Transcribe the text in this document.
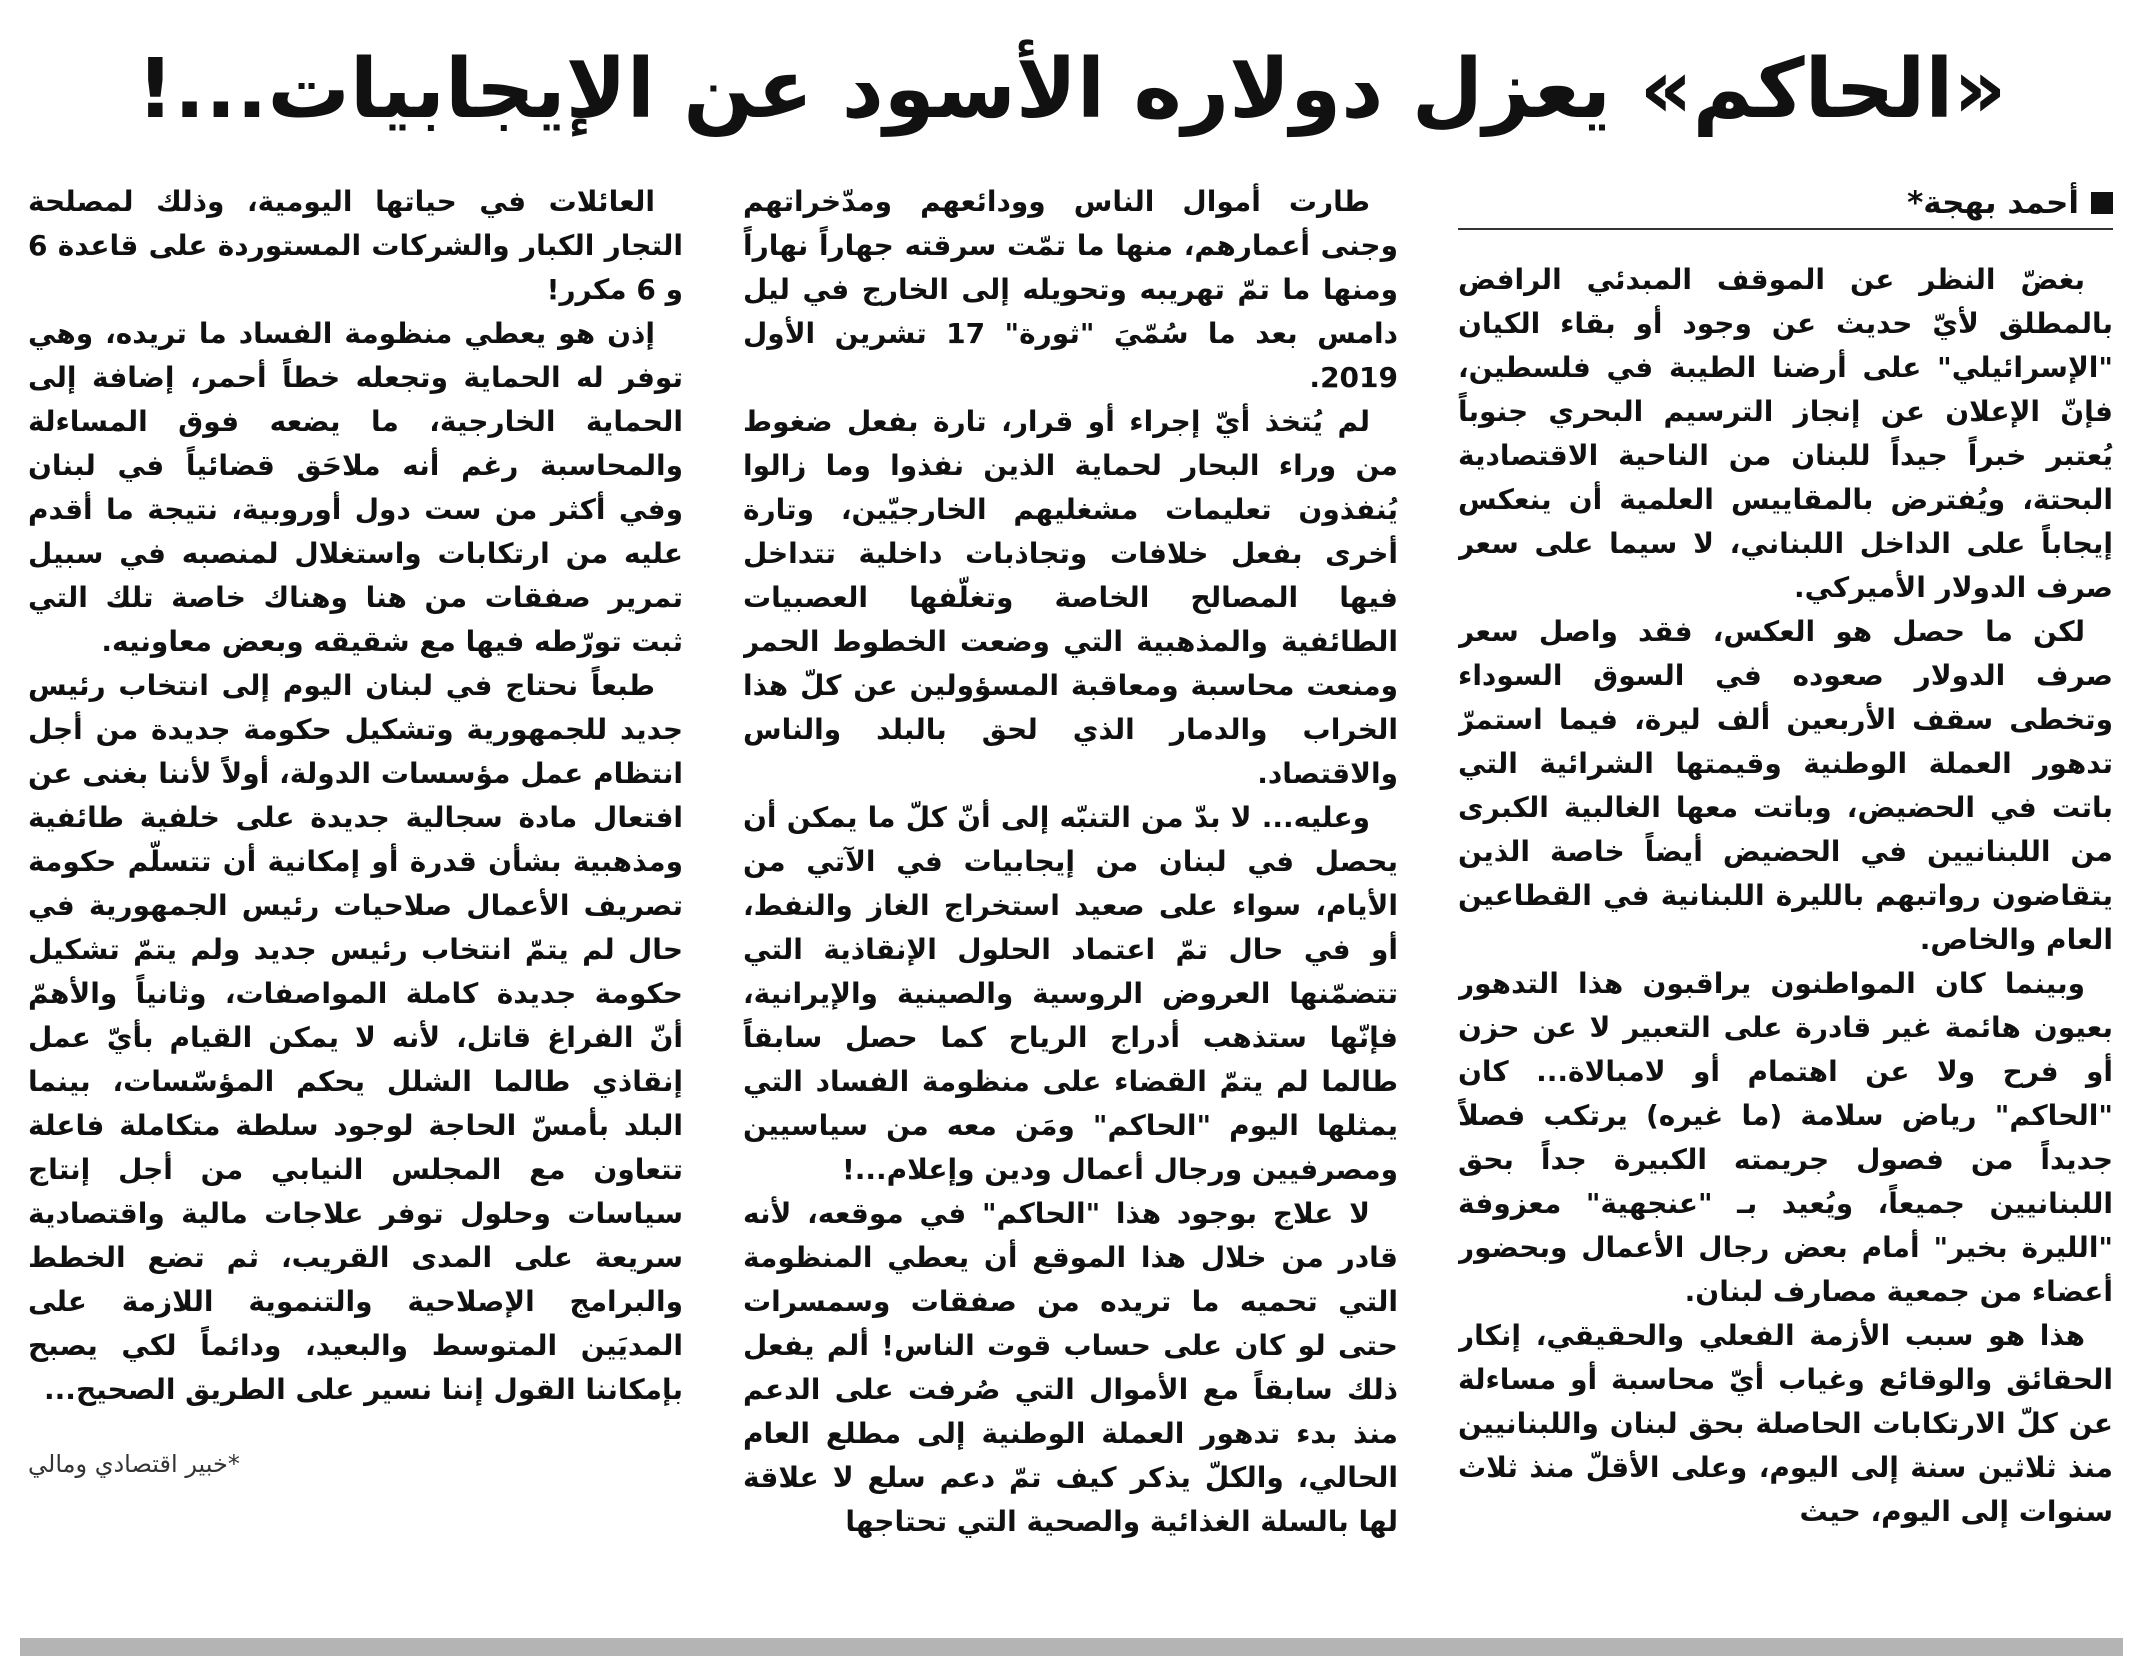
«الحاكم» يعزل دولاره الأسود عن الإيجابيات...!
أحمد بهجة*

بغضّ النظر عن الموقف المبدئي الرافض بالمطلق لأيّ حديث عن وجود أو بقاء الكيان "الإسرائيلي" على أرضنا الطيبة في فلسطين، فإنّ الإعلان عن إنجاز الترسيم البحري جنوباً يُعتبر خبراً جيداً للبنان من الناحية الاقتصادية البحتة، ويُفترض بالمقاييس العلمية أن ينعكس إيجاباً على الداخل اللبناني، لا سيما على سعر صرف الدولار الأميركي.

لكن ما حصل هو العكس، فقد واصل سعر صرف الدولار صعوده في السوق السوداء وتخطى سقف الأربعين ألف ليرة، فيما استمرّ تدهور العملة الوطنية وقيمتها الشرائية التي باتت في الحضيض، وباتت معها الغالبية الكبرى من اللبنانيين في الحضيض أيضاً خاصة الذين يتقاضون رواتبهم بالليرة اللبنانية في القطاعين العام والخاص.

وبينما كان المواطنون يراقبون هذا التدهور بعيون هائمة غير قادرة على التعبير لا عن حزن أو فرح ولا عن اهتمام أو لامبالاة... كان "الحاكم" رياض سلامة (ما غيره) يرتكب فصلاً جديداً من فصول جريمته الكبيرة جداً بحق اللبنانيين جميعاً، ويُعيد بـ "عنجهية" معزوفة "الليرة بخير" أمام بعض رجال الأعمال وبحضور أعضاء من جمعية مصارف لبنان.

هذا هو سبب الأزمة الفعلي والحقيقي، إنكار الحقائق والوقائع وغياب أيّ محاسبة أو مساءلة عن كلّ الارتكابات الحاصلة بحق لبنان واللبنانيين منذ ثلاثين سنة إلى اليوم، وعلى الأقلّ منذ ثلاث سنوات إلى اليوم، حيث

طارت أموال الناس وودائعهم ومدّخراتهم وجنى أعمارهم، منها ما تمّت سرقته جهاراً نهاراً ومنها ما تمّ تهريبه وتحويله إلى الخارج في ليل دامس بعد ما سُمّيَ "ثورة" 17 تشرين الأول 2019.

لم يُتخذ أيّ إجراء أو قرار، تارة بفعل ضغوط من وراء البحار لحماية الذين نفذوا وما زالوا يُنفذون تعليمات مشغليهم الخارجيّين، وتارة أخرى بفعل خلافات وتجاذبات داخلية تتداخل فيها المصالح الخاصة وتغلّفها العصبيات الطائفية والمذهبية التي وضعت الخطوط الحمر ومنعت محاسبة ومعاقبة المسؤولين عن كلّ هذا الخراب والدمار الذي لحق بالبلد والناس والاقتصاد.

وعليه... لا بدّ من التنبّه إلى أنّ كلّ ما يمكن أن يحصل في لبنان من إيجابيات في الآتي من الأيام، سواء على صعيد استخراج الغاز والنفط، أو في حال تمّ اعتماد الحلول الإنقاذية التي تتضمّنها العروض الروسية والصينية والإيرانية، فإنّها ستذهب أدراج الرياح كما حصل سابقاً طالما لم يتمّ القضاء على منظومة الفساد التي يمثلها اليوم "الحاكم" ومَن معه من سياسيين ومصرفيين ورجال أعمال ودين وإعلام...!

لا علاج بوجود هذا "الحاكم" في موقعه، لأنه قادر من خلال هذا الموقع أن يعطي المنظومة التي تحميه ما تريده من صفقات وسمسرات حتى لو كان على حساب قوت الناس! ألم يفعل ذلك سابقاً مع الأموال التي صُرفت على الدعم منذ بدء تدهور العملة الوطنية إلى مطلع العام الحالي، والكلّ يذكر كيف تمّ دعم سلع لا علاقة لها بالسلة الغذائية والصحية التي تحتاجها

العائلات في حياتها اليومية، وذلك لمصلحة التجار الكبار والشركات المستوردة على قاعدة 6 و 6 مكرر!

إذن هو يعطي منظومة الفساد ما تريده، وهي توفر له الحماية وتجعله خطاً أحمر، إضافة إلى الحماية الخارجية، ما يضعه فوق المساءلة والمحاسبة رغم أنه ملاحَق قضائياً في لبنان وفي أكثر من ست دول أوروبية، نتيجة ما أقدم عليه من ارتكابات واستغلال لمنصبه في سبيل تمرير صفقات من هنا وهناك خاصة تلك التي ثبت تورّطه فيها مع شقيقه وبعض معاونيه.

طبعاً نحتاج في لبنان اليوم إلى انتخاب رئيس جديد للجمهورية وتشكيل حكومة جديدة من أجل انتظام عمل مؤسسات الدولة، أولاً لأننا بغنى عن افتعال مادة سجالية جديدة على خلفية طائفية ومذهبية بشأن قدرة أو إمكانية أن تتسلّم حكومة تصريف الأعمال صلاحيات رئيس الجمهورية في حال لم يتمّ انتخاب رئيس جديد ولم يتمّ تشكيل حكومة جديدة كاملة المواصفات، وثانياً والأهمّ أنّ الفراغ قاتل، لأنه لا يمكن القيام بأيّ عمل إنقاذي طالما الشلل يحكم المؤسّسات، بينما البلد بأمسّ الحاجة لوجود سلطة متكاملة فاعلة تتعاون مع المجلس النيابي من أجل إنتاج سياسات وحلول توفر علاجات مالية واقتصادية سريعة على المدى القريب، ثم تضع الخطط والبرامج الإصلاحية والتنموية اللازمة على المديَين المتوسط والبعيد، ودائماً لكي يصبح بإمكاننا القول إننا نسير على الطريق الصحيح...

*خبير اقتصادي ومالي
